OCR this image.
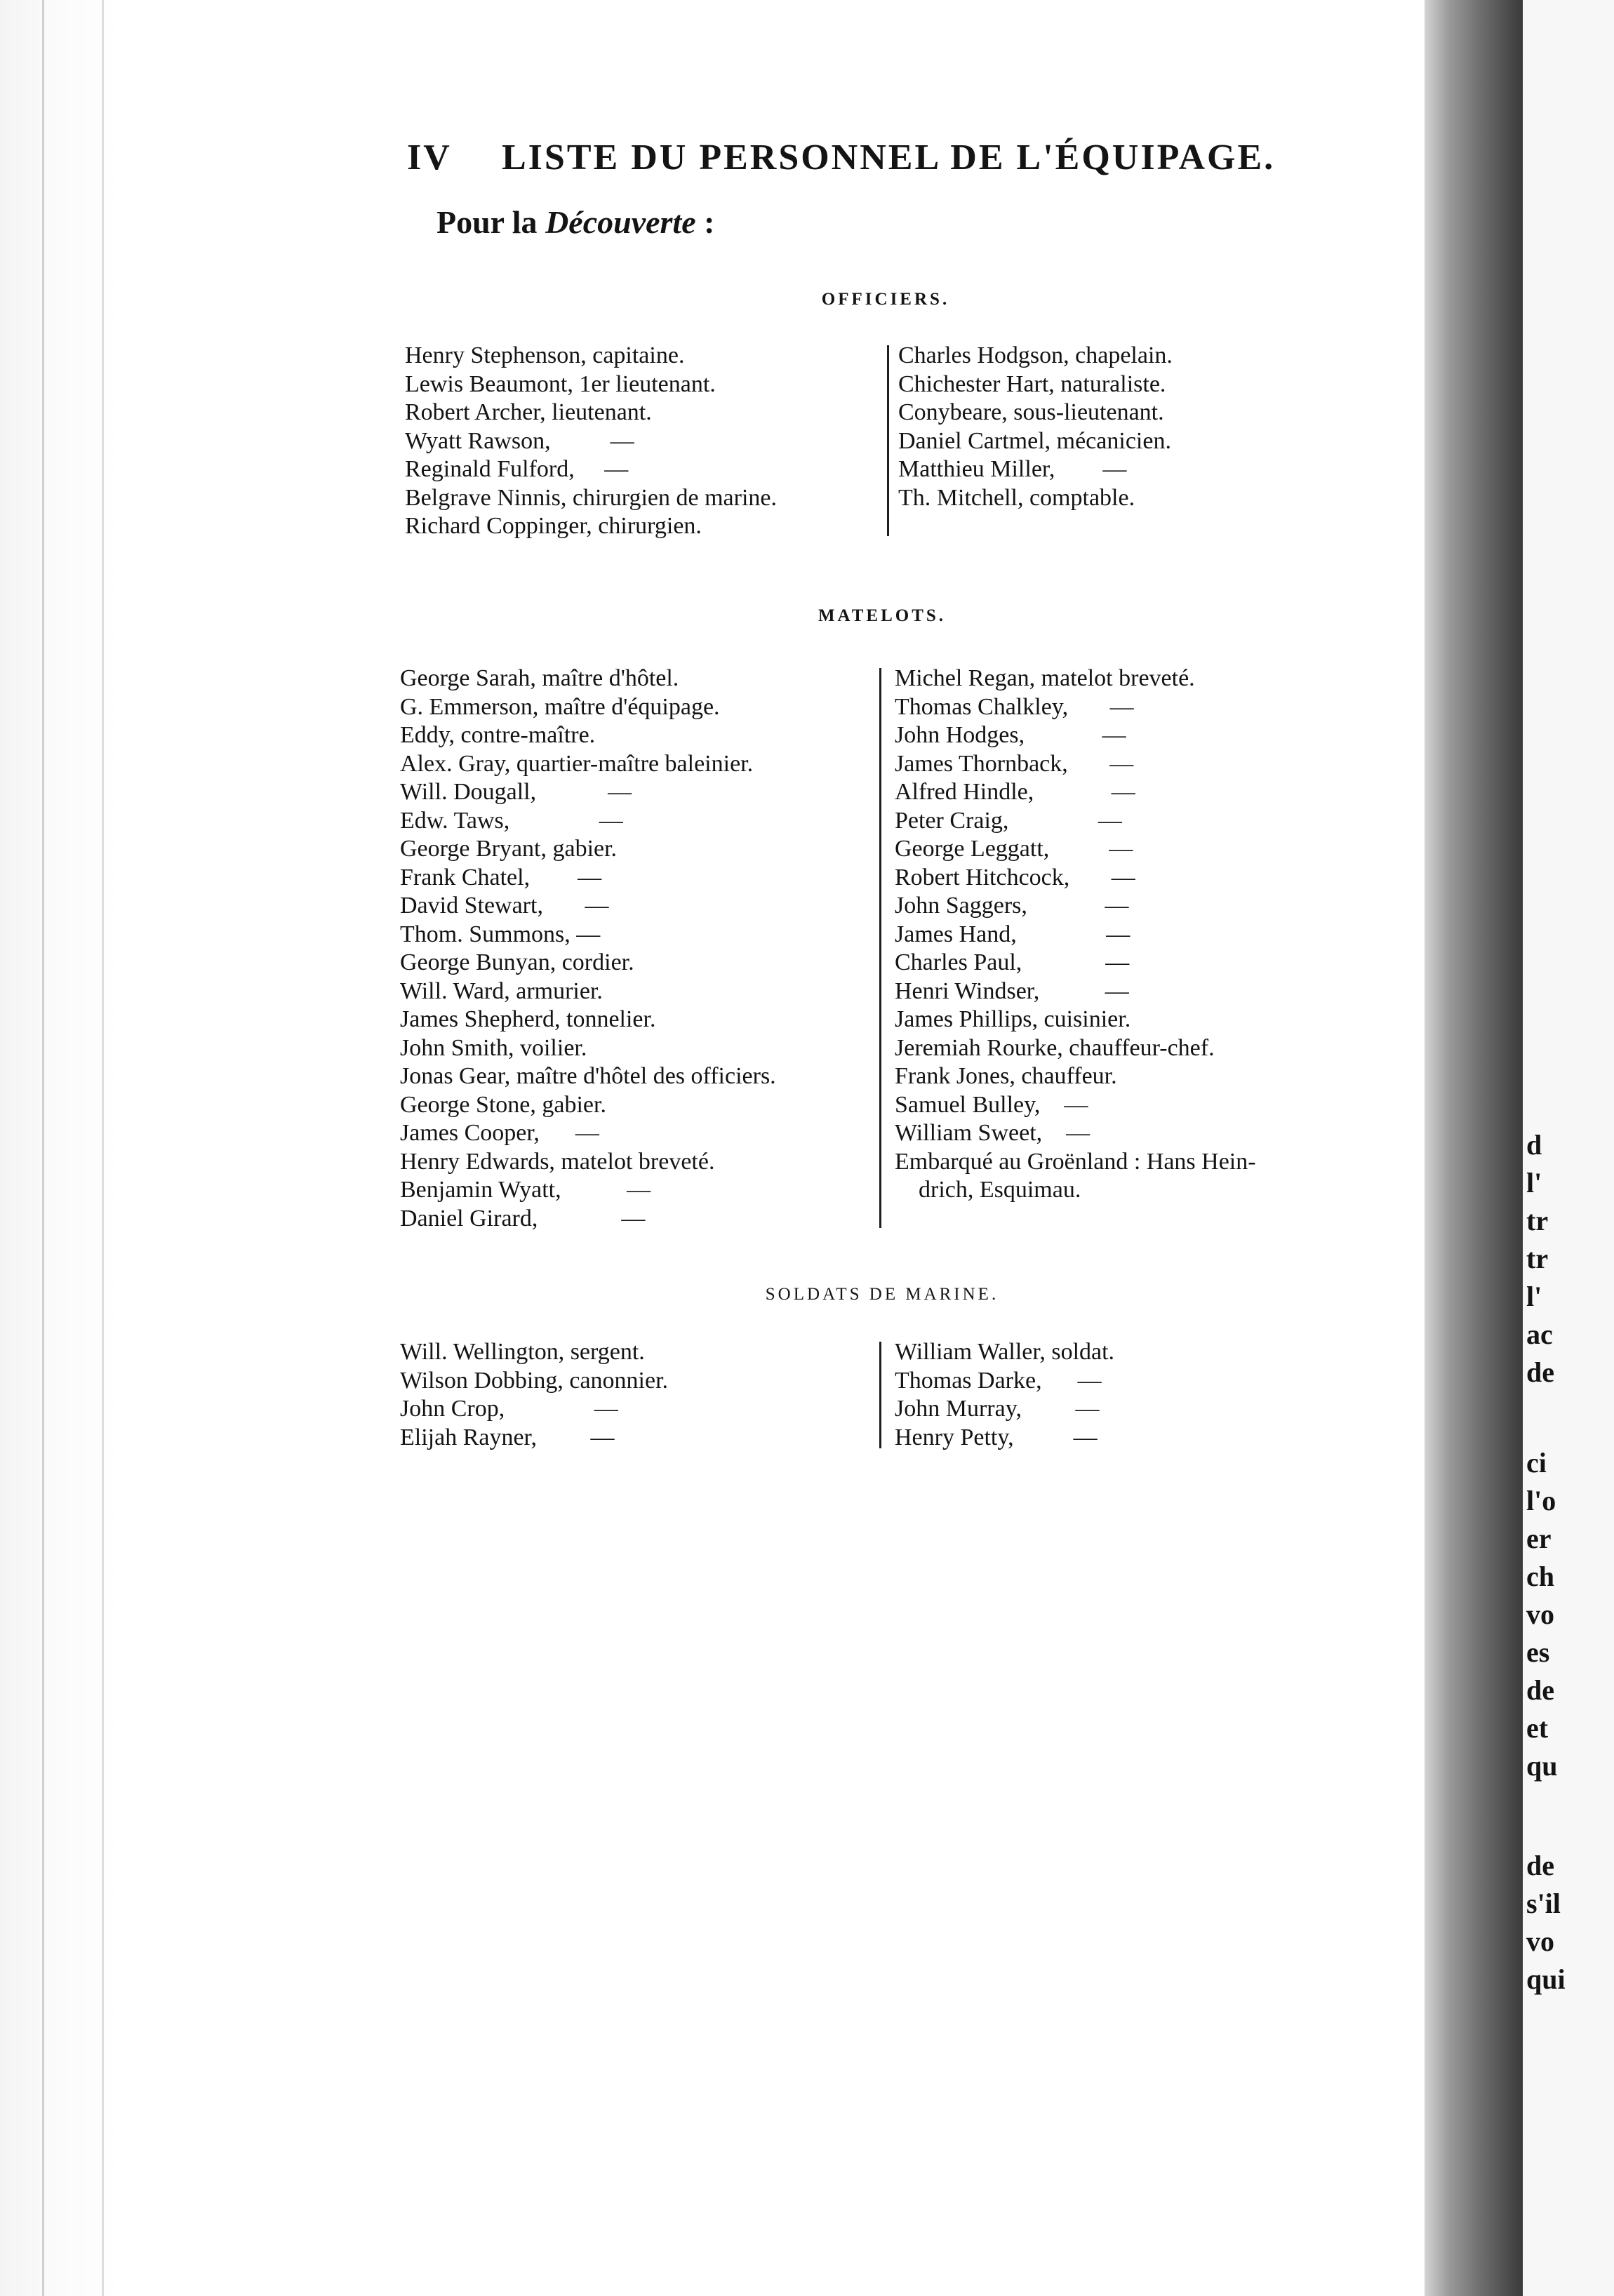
IV LISTE DU PERSONNEL DE L'ÉQUIPAGE.
Pour la Découverte :
OFFICIERS.
Henry Stephenson, capitaine.
Lewis Beaumont, 1er lieutenant.
Robert Archer, lieutenant.
Wyatt Rawson,          —
Reginald Fulford,     —
Belgrave Ninnis, chirurgien de marine.
Richard Coppinger, chirurgien.
Charles Hodgson, chapelain.
Chichester Hart, naturaliste.
Conybeare, sous-lieutenant.
Daniel Cartmel, mécanicien.
Matthieu Miller,        —
Th. Mitchell, comptable.
MATELOTS.
George Sarah, maître d'hôtel.
G. Emmerson, maître d'équipage.
Eddy, contre-maître.
Alex. Gray, quartier-maître baleinier.
Will. Dougall,            —
Edw. Taws,               —
George Bryant, gabier.
Frank Chatel,        —
David Stewart,       —
Thom. Summons, —
George Bunyan, cordier.
Will. Ward, armurier.
James Shepherd, tonnelier.
John Smith, voilier.
Jonas Gear, maître d'hôtel des officiers.
George Stone, gabier.
James Cooper,      —
Henry Edwards, matelot breveté.
Benjamin Wyatt,           —
Daniel Girard,              —
Michel Regan, matelot breveté.
Thomas Chalkley,       —
John Hodges,             —
James Thornback,       —
Alfred Hindle,             —
Peter Craig,               —
George Leggatt,          —
Robert Hitchcock,       —
John Saggers,             —
James Hand,               —
Charles Paul,              —
Henri Windser,           —
James Phillips, cuisinier.
Jeremiah Rourke, chauffeur-chef.
Frank Jones, chauffeur.
Samuel Bulley,    —
William Sweet,    —
Embarqué au Groënland : Hans Hein-
drich, Esquimau.
SOLDATS DE MARINE.
Will. Wellington, sergent.
Wilson Dobbing, canonnier.
John Crop,               —
Elijah Rayner,         —
William Waller, soldat.
Thomas Darke,      —
John Murray,         —
Henry Petty,          —
d
l'
tr
tr
l'
ac
de
ci
l'o
er
ch
vo
es
de
et
qu
de
s'il
vo
qui
